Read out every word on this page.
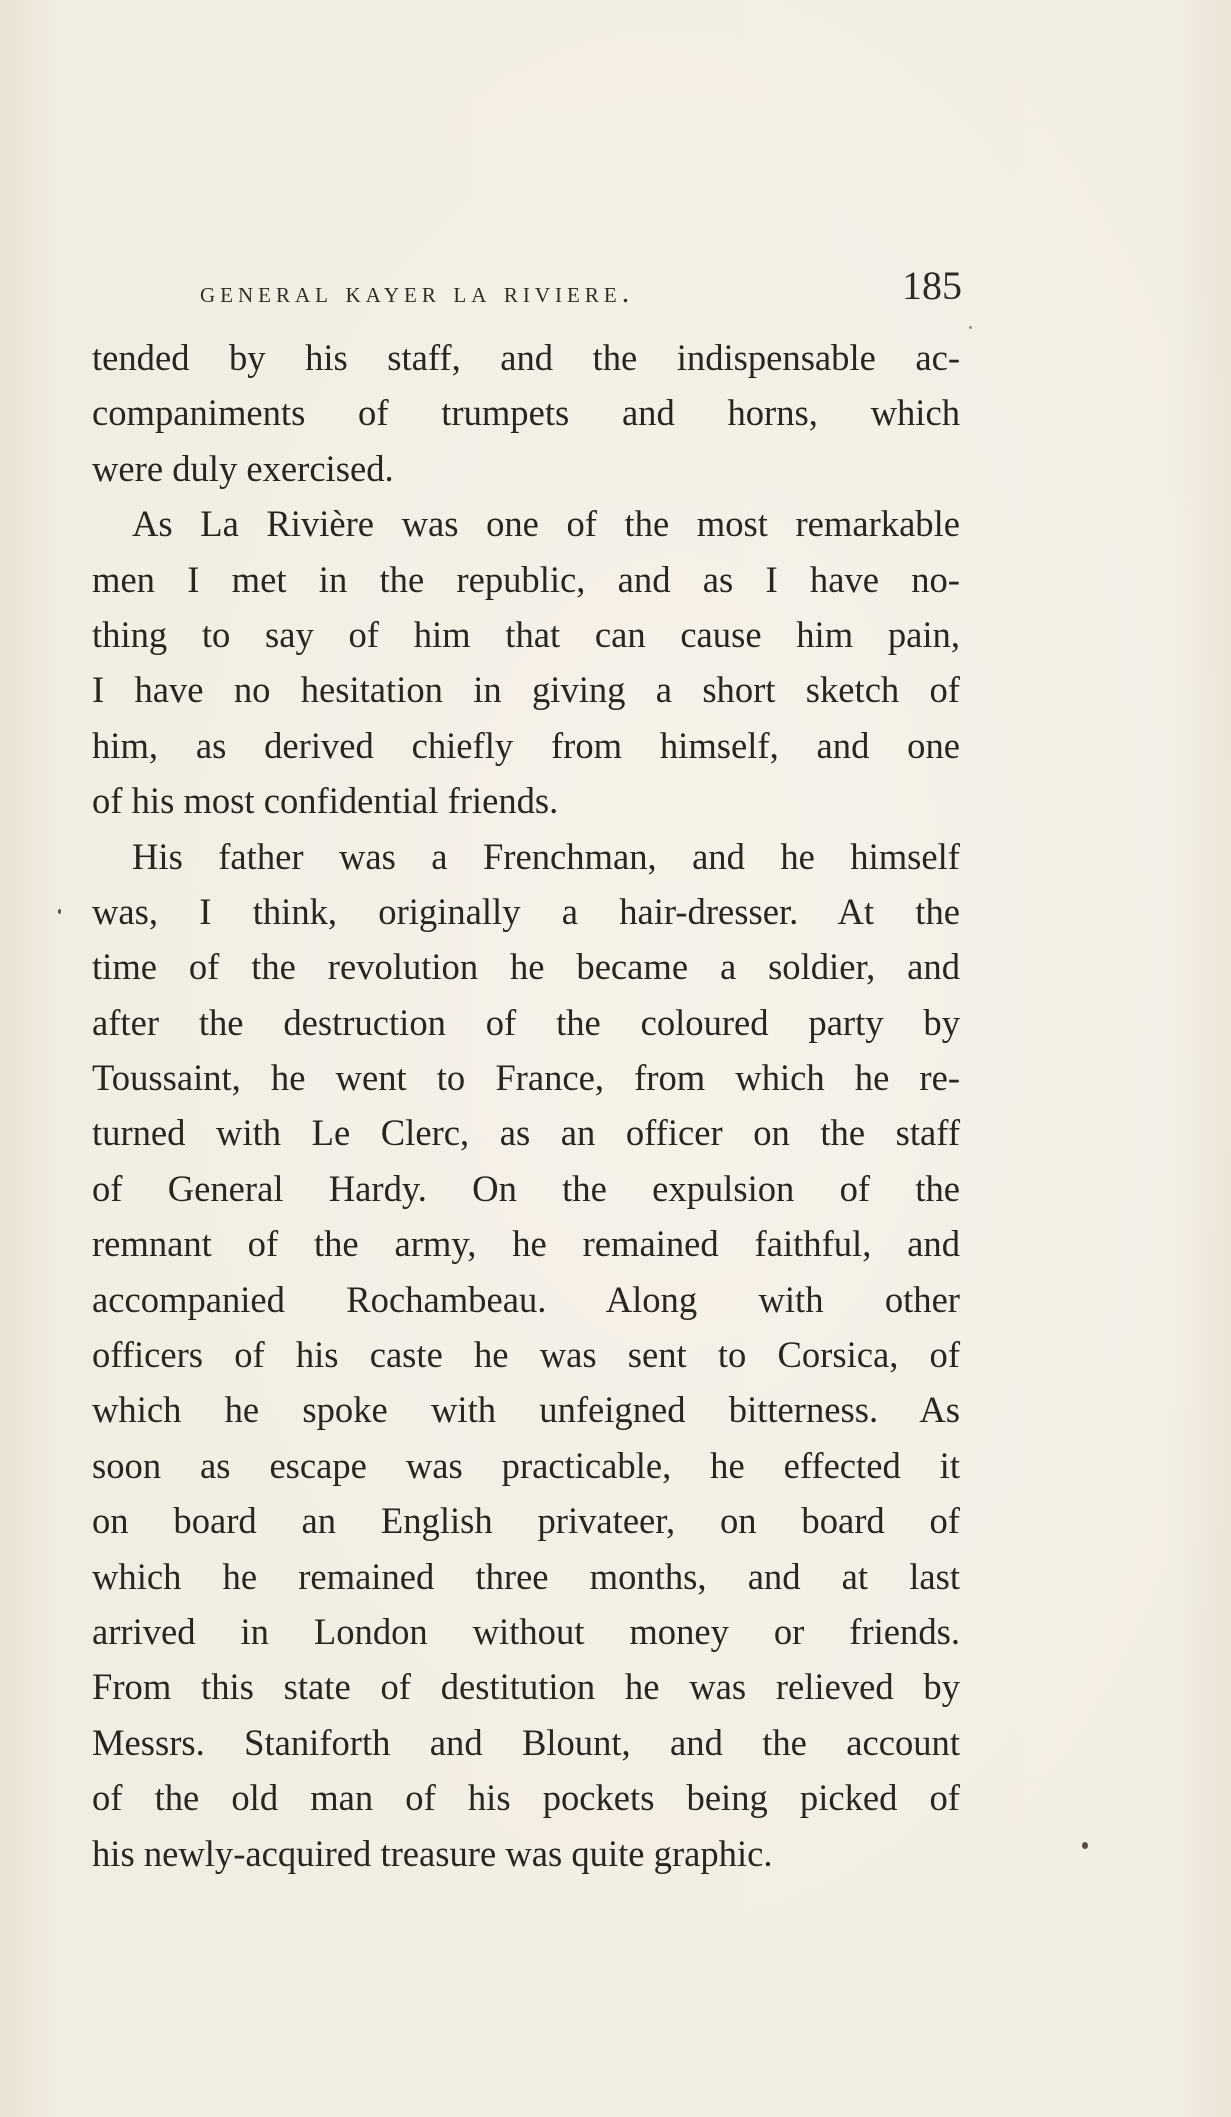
general kayer la riviere.	185
tended by his staff, and the indispensable ac-
companiments of trumpets and horns, which
were duly exercised.
As La Rivière was one of the most remarkable
men I met in the republic, and as I have no-
thing to say of him that can cause him pain,
I have no hesitation in giving a short sketch of
him, as derived chiefly from himself, and one
of his most confidential friends.
His father was a Frenchman, and he himself
was, I think, originally a hair-dresser. At the
time of the revolution he became a soldier, and
after the destruction of the coloured party by
Toussaint, he went to France, from which he re-
turned with Le Clerc, as an officer on the staff
of General Hardy. On the expulsion of the
remnant of the army, he remained faithful, and
accompanied Rochambeau. Along with other
officers of his caste he was sent to Corsica, of
which he spoke with unfeigned bitterness. As
soon as escape was practicable, he effected it
on board an English privateer, on board of
which he remained three months, and at last
arrived in London without money or friends.
From this state of destitution he was relieved by
Messrs. Staniforth and Blount, and the account
of the old man of his pockets being picked of
his newly-acquired treasure was quite graphic.
